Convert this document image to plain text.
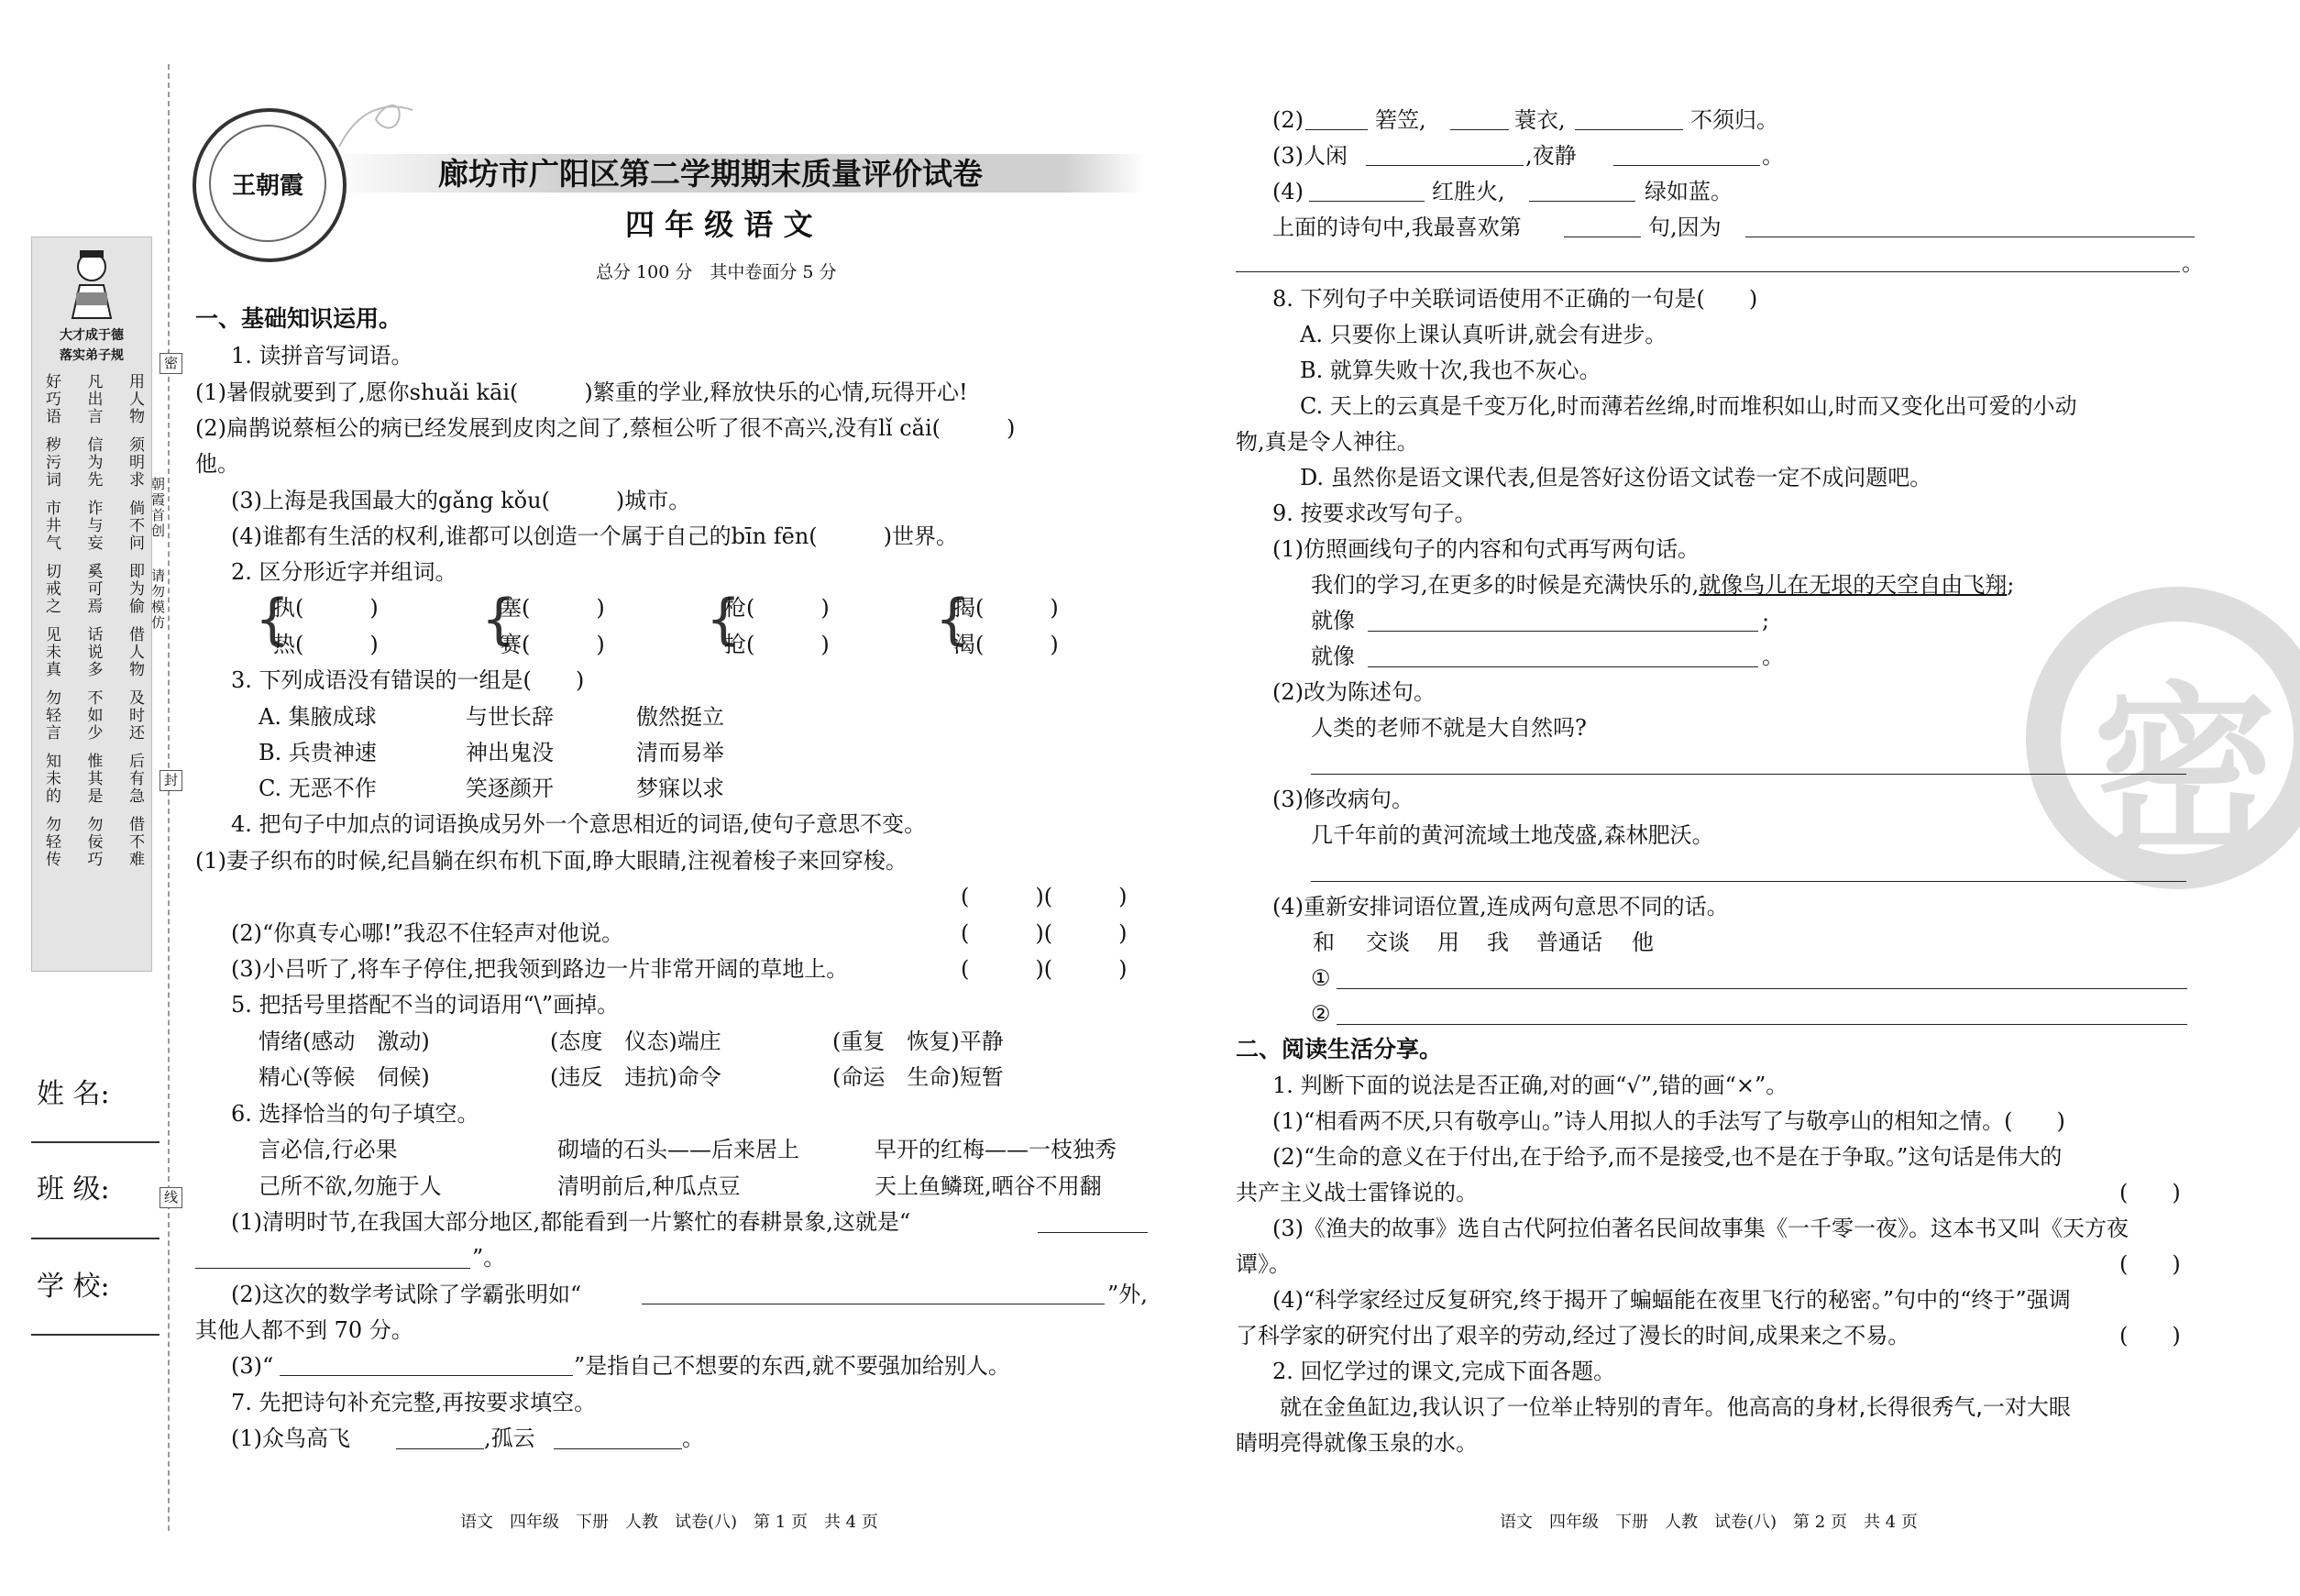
大才成于德
落实弟子规
好巧语 凡出言 用人物
秽污词 信为先 须明求
市井气 诈与妄 倘不问
切戒之 奚可焉 即为偷
见未真 话说多 借人物
勿轻言 不如少 及时还
知未的 惟其是 后有急
勿轻传 勿佞巧 借不难
密
封
线
朝霞首创
请勿模仿
姓 名:
班 级:
学 校:
王朝霞	廊坊市广阳区第二学期期末质量评价试卷
四 年 级 语 文
总分 100 分　其中卷面分 5 分
一、基础知识运用。
1. 读拼音写词语。
(1)暑假就要到了,愿你shuǎi kāi(　　　)繁重的学业,释放快乐的心情,玩得开心!
(2)扁鹊说蔡桓公的病已经发展到皮肉之间了,蔡桓公听了很不高兴,没有lǐ cǎi(　　　)
他。
(3)上海是我国最大的gǎng kǒu(　　　)城市。
(4)谁都有生活的权利,谁都可以创造一个属于自己的bīn fēn(　　　)世界。
2. 区分形近字并组词。
{
执(　　　)
热(　　　) {
塞(　　　)
赛(　　　) {
枪(　　　)
抢(　　　) {
揭(　　　)
渴(　　　)
3. 下列成语没有错误的一组是(　　)
A. 集腋成球	与世长辞	傲然挺立
B. 兵贵神速	神出鬼没	清而易举
C. 无恶不作	笑逐颜开	梦寐以求
4. 把句子中加点的词语换成另外一个意思相近的词语,使句子意思不变。
(1)妻子织布的时候,纪昌躺在织布机下面,睁大眼睛,注视着梭子来回穿梭。
(　　　)(　　　)
(2)“你真专心哪!”我忍不住轻声对他说。	(　　　)(　　　)
(3)小吕听了,将车子停住,把我领到路边一片非常开阔的草地上。	(　　　)(　　　)
5. 把括号里搭配不当的词语用“\”画掉。
情绪(感动　激动)	(态度　仪态)端庄	(重复　恢复)平静
精心(等候　伺候)	(违反　违抗)命令	(命运　生命)短暂
6. 选择恰当的句子填空。
言必信,行必果	砌墙的石头——后来居上	早开的红梅——一枝独秀
己所不欲,勿施于人	清明前后,种瓜点豆	天上鱼鳞斑,晒谷不用翻
(1)清明时节,在我国大部分地区,都能看到一片繁忙的春耕景象,这就是“
”。
(2)这次的数学考试除了学霸张明如“	”外,
其他人都不到 70 分。
(3)“	”是指自己不想要的东西,就不要强加给别人。
7. 先把诗句补充完整,再按要求填空。
(1)众鸟高飞	,孤云	。
语文　四年级　下册　人教　试卷(八)　第 1 页　共 4 页
密
(2)	箬笠,	蓑衣,	不须归。
(3)人闲	,夜静	。
(4)	红胜火,	绿如蓝。
上面的诗句中,我最喜欢第	句,因为
。
8. 下列句子中关联词语使用不正确的一句是(　　)
A. 只要你上课认真听讲,就会有进步。
B. 就算失败十次,我也不灰心。
C. 天上的云真是千变万化,时而薄若丝绵,时而堆积如山,时而又变化出可爱的小动
物,真是令人神往。
D. 虽然你是语文课代表,但是答好这份语文试卷一定不成问题吧。
9. 按要求改写句子。
(1)仿照画线句子的内容和句式再写两句话。
我们的学习,在更多的时候是充满快乐的,就像鸟儿在无垠的天空自由飞翔;
就像	;
就像	。
(2)改为陈述句。
人类的老师不就是大自然吗?
(3)修改病句。
几千年前的黄河流域土地茂盛,森林肥沃。
(4)重新安排词语位置,连成两句意思不同的话。
和 交谈 用 我 普通话 他
①
②
二、阅读生活分享。
1. 判断下面的说法是否正确,对的画“√”,错的画“×”。
(1)“相看两不厌,只有敬亭山。”诗人用拟人的手法写了与敬亭山的相知之情。(　　)
(2)“生命的意义在于付出,在于给予,而不是接受,也不是在于争取。”这句话是伟大的
共产主义战士雷锋说的。	(　　)
(3)《渔夫的故事》选自古代阿拉伯著名民间故事集《一千零一夜》。这本书又叫《天方夜
谭》。	(　　)
(4)“科学家经过反复研究,终于揭开了蝙蝠能在夜里飞行的秘密。”句中的“终于”强调
了科学家的研究付出了艰辛的劳动,经过了漫长的时间,成果来之不易。	(　　)
2. 回忆学过的课文,完成下面各题。
就在金鱼缸边,我认识了一位举止特别的青年。他高高的身材,长得很秀气,一对大眼
睛明亮得就像玉泉的水。
语文　四年级　下册　人教　试卷(八)　第 2 页　共 4 页
